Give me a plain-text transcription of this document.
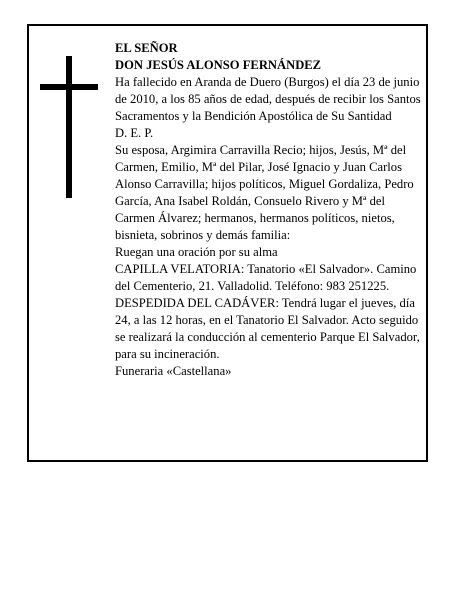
EL SEÑOR

DON JESÚS ALONSO FERNÁNDEZ

Ha fallecido en Aranda de Duero (Burgos) el día 23 de junio de 2010, a los 85 años de edad, después de recibir los Santos Sacramentos y la Bendición Apostólica de Su Santidad

D. E. P.

Su esposa, Argimira Carravilla Recio; hijos, Jesús, Mª del Carmen, Emilio, Mª del Pilar, José Ignacio y Juan Carlos Alonso Carravilla; hijos políticos, Miguel Gordaliza, Pedro García, Ana Isabel Roldán, Consuelo Rivero y Mª del Carmen Álvarez; hermanos, hermanos políticos, nietos, bisnieta, sobrinos y demás familia:

Ruegan una oración por su alma

CAPILLA VELATORIA: Tanatorio «El Salvador». Camino del Cementerio, 21. Valladolid. Teléfono: 983 251225.

DESPEDIDA DEL CADÁVER: Tendrá lugar el jueves, día 24, a las 12 horas, en el Tanatorio El Salvador. Acto seguido se realizará la conducción al cementerio Parque El Salvador, para su incineración.

Funeraria «Castellana»
